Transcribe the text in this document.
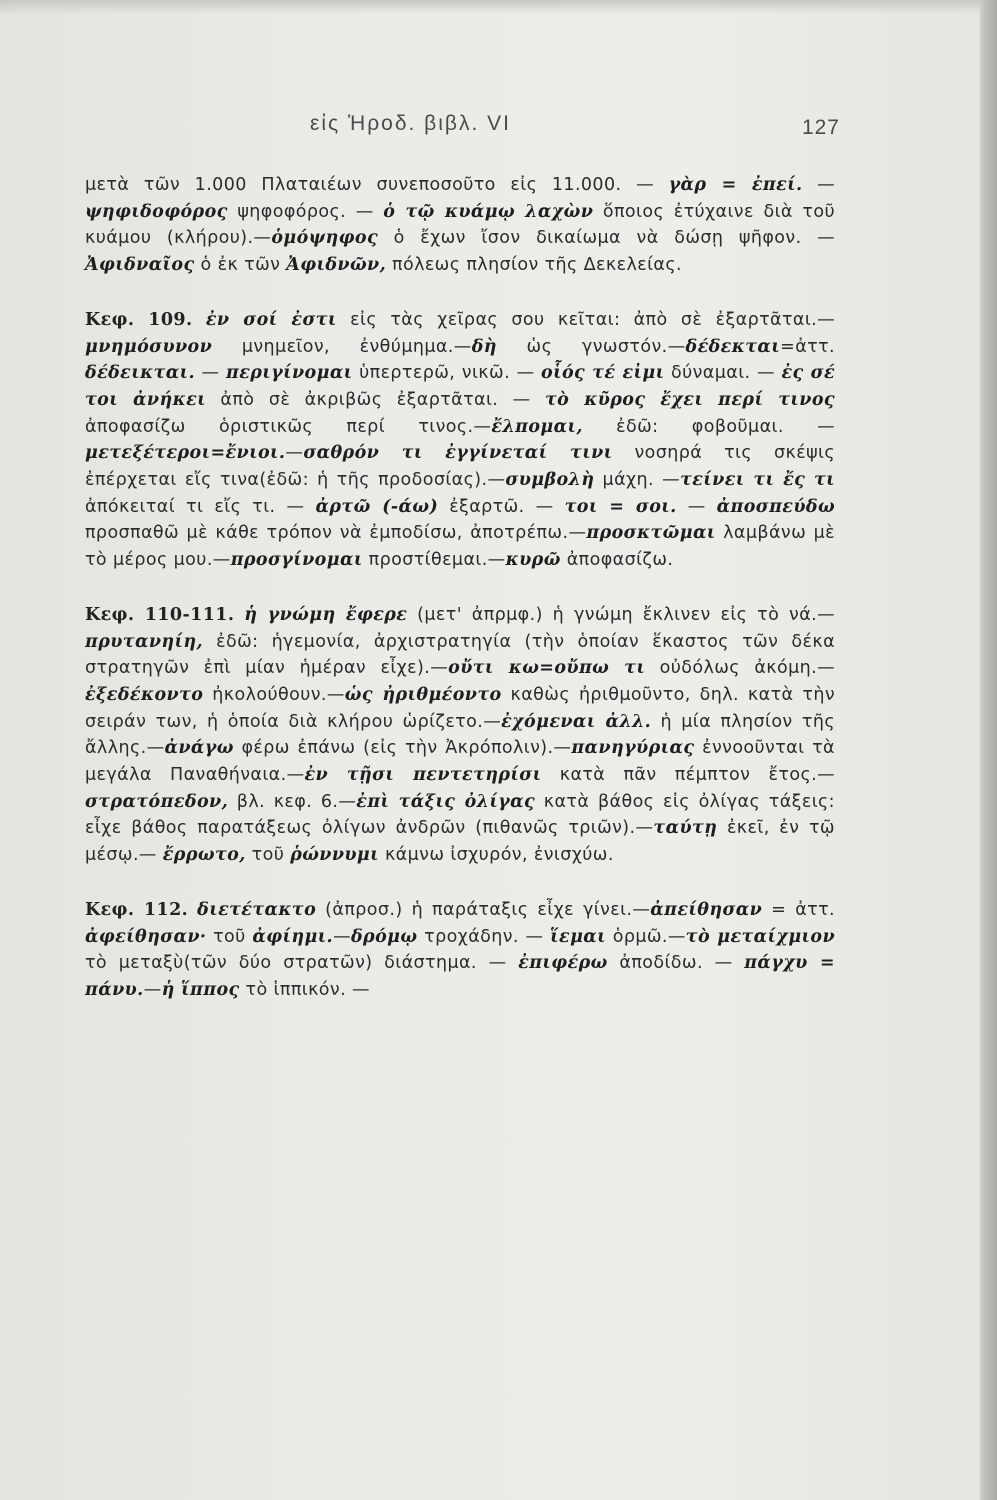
εἰς Ἡροδ. βιβλ. VI	127

μετὰ τῶν 1.000 Πλαταιέων συνεποσοῦτο εἰς 11.000. — γὰρ = ἐπεί. — ψηφιδοφόρος ψηφοφόρος. — ὁ τῷ κυάμῳ λαχὼν ὅποιος ἐτύχαινε διὰ τοῦ κυάμου (κλήρου).—ὁμόψηφος ὁ ἔχων ἴσον δικαίωμα νὰ δώσῃ ψῆφον. — Ἀφιδναῖος ὁ ἐκ τῶν Ἀφιδνῶν, πόλεως πλησίον τῆς Δεκελείας.

Κεφ. 109. ἐν σοί ἐστι εἰς τὰς χεῖρας σου κεῖται: ἀπὸ σὲ ἐξαρτᾶται.—μνημόσυνον μνημεῖον, ἐνθύμημα.—δὴ ὡς γνωστόν.—δέδεκται=ἀττ. δέδεικται. — περιγίνομαι ὑπερτερῶ, νικῶ. — οἷός τέ εἰμι δύναμαι. — ἐς σέ τοι ἀνήκει ἀπὸ σὲ ἀκριβῶς ἐξαρτᾶται. — τὸ κῦρος ἔχει περί τινος ἀποφασίζω ὁριστικῶς περί τινος.—ἔλπομαι, ἐδῶ: φοβοῦμαι. —μετεξέτεροι=ἔνιοι.—σαθρόν τι ἐγγίνεταί τινι νοσηρά τις σκέψις ἐπέρχεται εἴς τινα(ἐδῶ: ἡ τῆς προδοσίας).—συμβολὴ μάχη. —τείνει τι ἔς τι ἀπόκειταί τι εἴς τι. — ἀρτῶ (-άω) ἐξαρτῶ. — τοι = σοι. — ἀποσπεύδω προσπαθῶ μὲ κάθε τρόπον νὰ ἐμποδίσω, ἀποτρέπω.—προσκτῶμαι λαμβάνω μὲ τὸ μέρος μου.—προσγίνομαι προστίθεμαι.—κυρῶ ἀποφασίζω.

Κεφ. 110-111. ἡ γνώμη ἔφερε (μετ' ἀπρμφ.) ἡ γνώμη ἔκλινεν εἰς τὸ νά.—πρυτανηίη, ἐδῶ: ἡγεμονία, ἀρχιστρατηγία (τὴν ὁποίαν ἕκαστος τῶν δέκα στρατηγῶν ἐπὶ μίαν ἡμέραν εἶχε).—οὔτι κω=οὔπω τι οὐδόλως ἀκόμη.—ἐξεδέκοντο ἠκολούθουν.—ὡς ἠριθμέοντο καθὼς ἠριθμοῦντο, δηλ. κατὰ τὴν σειράν των, ἡ ὁποία διὰ κλήρου ὡρίζετο.—ἐχόμεναι ἀλλ. ἡ μία πλησίον τῆς ἄλλης.—ἀνάγω φέρω ἐπάνω (εἰς τὴν Ἀκρόπολιν).—πανηγύριας ἐννοοῦνται τὰ μεγάλα Παναθήναια.—ἐν τῇσι πεντετηρίσι κατὰ πᾶν πέμπτον ἔτος.—στρατόπεδον, βλ. κεφ. 6.—ἐπὶ τάξις ὀλίγας κατὰ βάθος εἰς ὀλίγας τάξεις: εἶχε βάθος παρατάξεως ὀλίγων ἀνδρῶν (πιθανῶς τριῶν).—ταύτῃ ἐκεῖ, ἐν τῷ μέσῳ.— ἔρρωτο, τοῦ ῥώννυμι κάμνω ἰσχυρόν, ἐνισχύω.

Κεφ. 112. διετέτακτο (ἀπροσ.) ἡ παράταξις εἶχε γίνει.—ἀπείθησαν = ἀττ. ἀφείθησαν· τοῦ ἀφίημι.—δρόμῳ τροχάδην. — ἵεμαι ὁρμῶ.—τὸ μεταίχμιον τὸ μεταξὺ(τῶν δύο στρατῶν) διάστημα. — ἐπιφέρω ἀποδίδω. — πάγχυ = πάνυ.—ἡ ἵππος τὸ ἱππικόν. —
